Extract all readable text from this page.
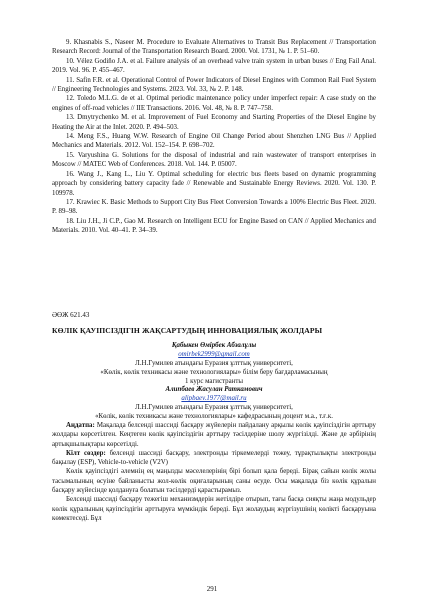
9. Khasnabis S., Naseer M. Procedure to Evaluate Alternatives to Transit Bus Replacement // Transportation Research Record: Journal of the Transportation Research Board. 2000. Vol. 1731, № 1. P. 51–60.

10. Vélez Godiño J.A. et al. Failure analysis of an overhead valve train system in urban buses // Eng Fail Anal. 2019. Vol. 96. P. 455–467.

11. Safin F.R. et al. Operational Control of Power Indicators of Diesel Engines with Common Rail Fuel System // Engineering Technologies and Systems. 2023. Vol. 33, № 2. P. 148.

12. Toledo M.L.G. de et al. Optimal periodic maintenance policy under imperfect repair: A case study on the engines of off-road vehicles // IIE Transactions. 2016. Vol. 48, № 8. P. 747–758.

13. Dmytrychenko M. et al. Improvement of Fuel Economy and Starting Properties of the Diesel Engine by Heating the Air at the Inlet. 2020. P. 494–503.

14. Meng F.S., Huang W.W. Research of Engine Oil Change Period about Shenzhen LNG Bus // Applied Mechanics and Materials. 2012. Vol. 152–154. P. 698–702.

15. Varyushina G. Solutions for the disposal of industrial and rain wastewater of transport enterprises in Moscow // MATEC Web of Conferences. 2018. Vol. 144. P. 05007.

16. Wang J., Kang L., Liu Y. Optimal scheduling for electric bus fleets based on dynamic programming approach by considering battery capacity fade // Renewable and Sustainable Energy Reviews. 2020. Vol. 130. P. 109978.

17. Krawiec K. Basic Methods to Support City Bus Fleet Conversion Towards a 100% Electric Bus Fleet. 2020. P. 89–98.

18. Liu J.H., Ji C.P., Gao M. Research on Intelligent ECU for Engine Based on CAN // Applied Mechanics and Materials. 2010. Vol. 40–41. P. 34–39.

ӘӨЖ 621.43
КӨЛІК ҚАУІПСІЗДІГІН ЖАҚСАРТУДЫҢ ИННОВАЦИЯЛЫҚ ЖОЛДАРЫ
Қабыкен Өмірбек Абзалұлы
omirbek2999@gmail.com
Л.Н.Гумилев атындағы Еуразия ұлттық университеті,
«Көлік, көлік техникасы және технологиялары» білім беру бағдарламасының
1 курс магистранты
Алипбаев Жасулан Раткамович
alipbaev.1977@mail.ru
Л.Н.Гумилев атындағы Еуразия ұлттық университеті,
«Көлік, көлік техникасы және технологиялары» кафедрасының доцент м.а., т.ғ.к.

Аңдатпа: Мақалада белсенді шассиді басқару жүйелерін пайдалану арқылы көлік қауіпсіздігін арттыру жолдары көрсетілген. Кеңтеген көлік қауіпсіздігін арттыру тәсілдеріне шолу жүргізілді. Және де әрбірінің артықшылықтары көрсетілді.

Кілт сөздер: белсенді шассиді басқару, электронды тіркемелерді тежеу, тұрақтылықты электронды бақылау (ESP), Vehicle-to-vehicle (V2V)

Көлік қауіпсіздігі әлемнің ең маңызды мәселелерінің бірі болып қала береді. Бірақ сайын көлік жолы тасымалының өсуіне байланысты жол-көлік оқиғаларының саны өсуде. Осы мақалада біз көлік құралын басқару жүйесінде қолдануға болатын тәсілдерді қарастырамыз.

Белсенді шассиді басқару тежегіш механизмдерін жетілдіре отырып, тағы басқа сияқты жаңа модульдер көлік құралының қауіпсіздігін арттыруға мүмкіндік береді. Бұл жолаудың жүргізушінің көлікті басқаруына көмектеседі. Бұл

291
